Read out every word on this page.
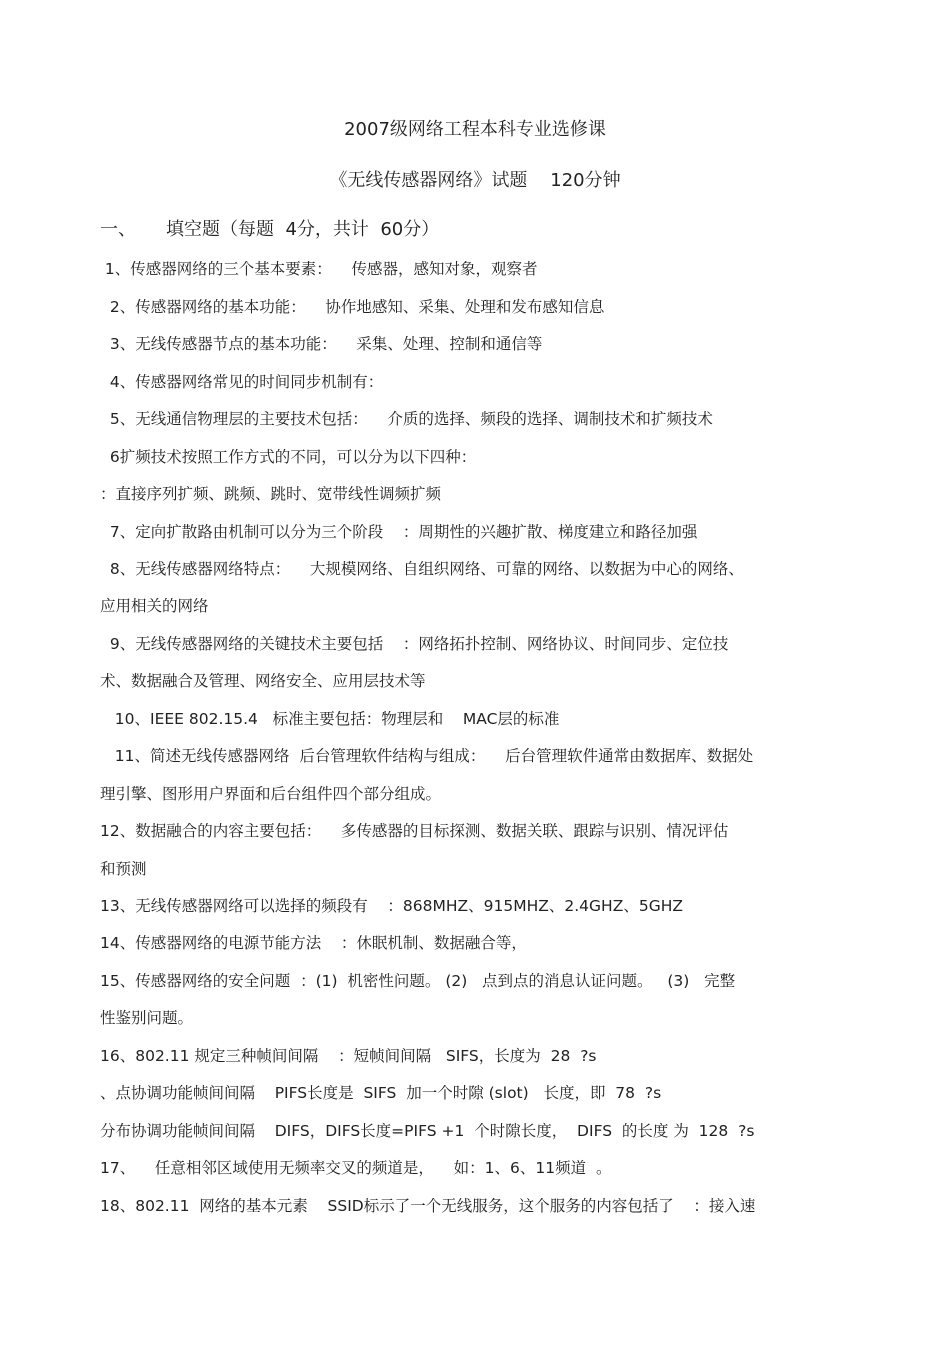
2007级网络工程本科专业选修课
《无线传感器网络》试题    120分钟
一、 填空题（每题  4分，共计  60分）
1、传感器网络的三个基本要素：    传感器，感知对象，观察者
2、传感器网络的基本功能：    协作地感知、采集、处理和发布感知信息
3、无线传感器节点的基本功能：    采集、处理、控制和通信等
4、传感器网络常见的时间同步机制有：
5、无线通信物理层的主要技术包括：    介质的选择、频段的选择、调制技术和扩频技术
6扩频技术按照工作方式的不同，可以分为以下四种：
：直接序列扩频、跳频、跳时、宽带线性调频扩频
7、定向扩散路由机制可以分为三个阶段    ：周期性的兴趣扩散、梯度建立和路径加强
8、无线传感器网络特点：    大规模网络、自组织网络、可靠的网络、以数据为中心的网络、
应用相关的网络
9、无线传感器网络的关键技术主要包括    ：网络拓扑控制、网络协议、时间同步、定位技
术、数据融合及管理、网络安全、应用层技术等
10、IEEE 802.15.4   标准主要包括：物理层和    MAC层的标准
11、简述无线传感器网络  后台管理软件结构与组成：    后台管理软件通常由数据库、数据处
理引擎、图形用户界面和后台组件四个部分组成。
12、数据融合的内容主要包括：    多传感器的目标探测、数据关联、跟踪与识别、情况评估
和预测
13、无线传感器网络可以选择的频段有    ：868MHZ、915MHZ、2.4GHZ、5GHZ
14、传感器网络的电源节能方法    ：休眠机制、数据融合等，
15、传感器网络的安全问题  ：(1)  机密性问题。 (2)   点到点的消息认证问题。   (3)   完整
性鉴别问题。
16、802.11 规定三种帧间间隔    ：短帧间间隔   SIFS，长度为  28  ?s
、点协调功能帧间间隔    PIFS长度是  SIFS  加一个时隙 (slot)   长度，即  78  ?s
分布协调功能帧间间隔    DIFS，DIFS长度=PIFS +1  个时隙长度，  DIFS  的长度 为  128  ?s
17、    任意相邻区域使用无频率交叉的频道是，    如：1、6、11频道  。
18、802.11  网络的基本元素    SSID标示了一个无线服务，这个服务的内容包括了    ：接入速
